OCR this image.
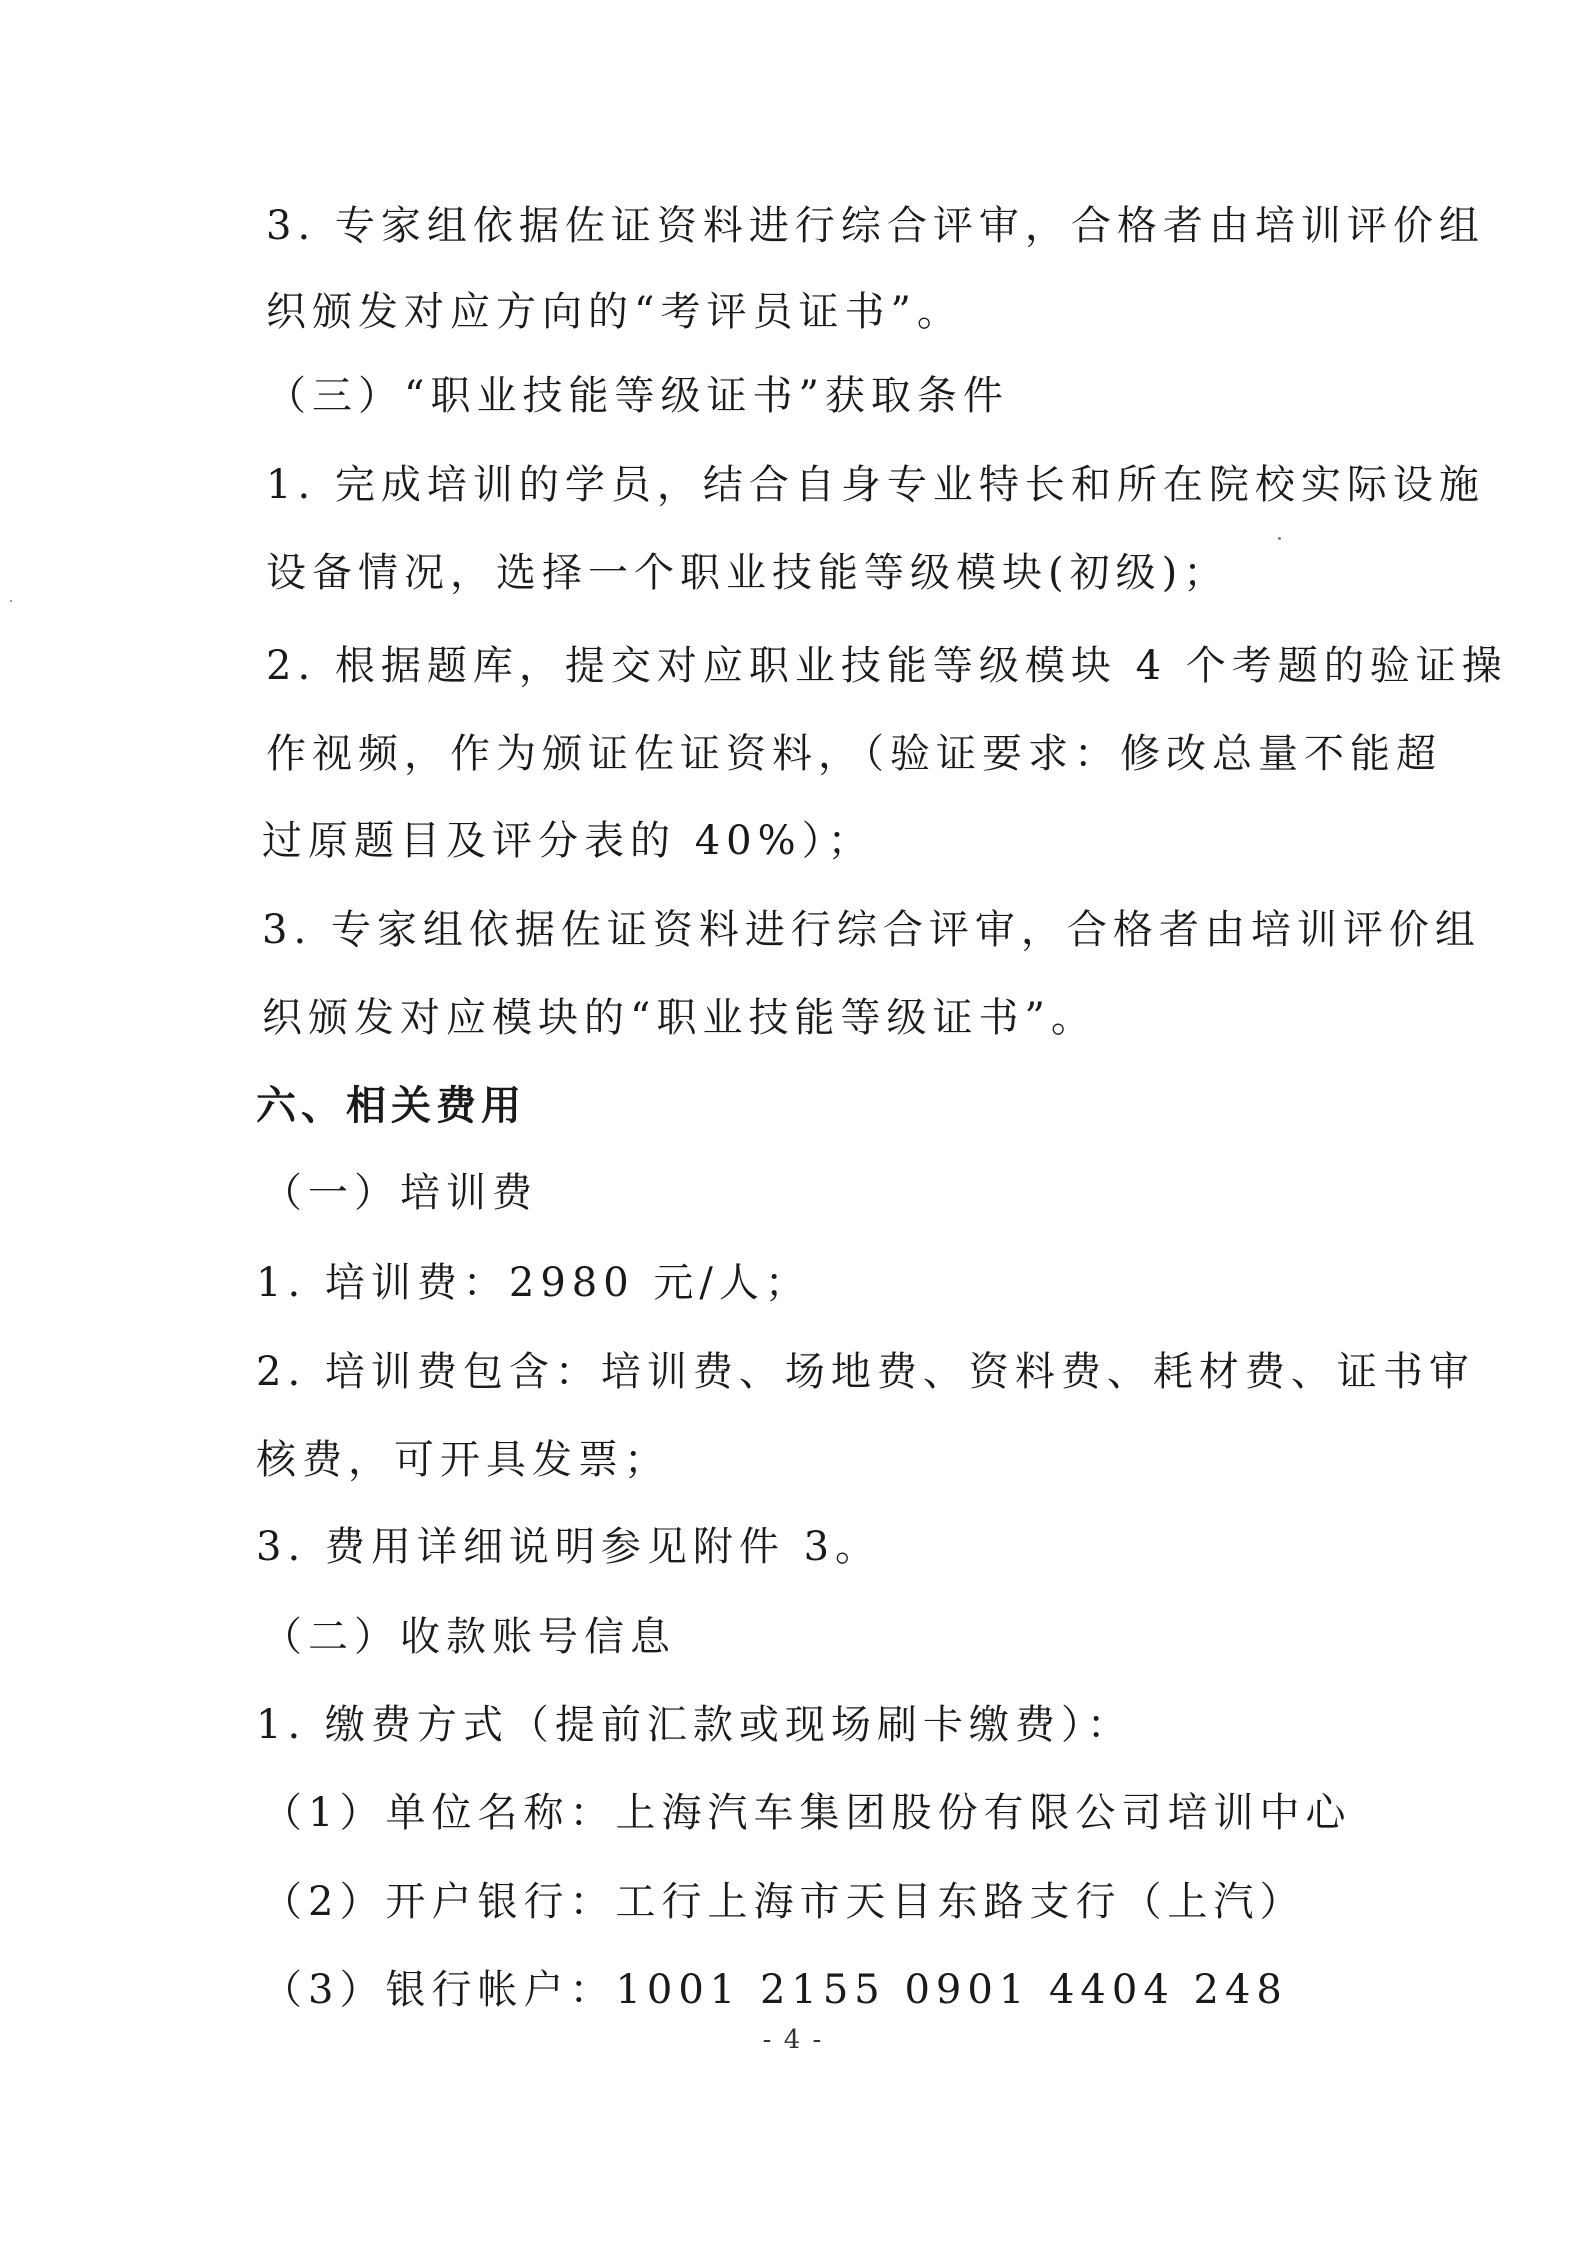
3. 专家组依据佐证资料进行综合评审，合格者由培训评价组

织颁发对应方向的“考评员证书”。

（三）“职业技能等级证书”获取条件

1. 完成培训的学员，结合自身专业特长和所在院校实际设施

设备情况，选择一个职业技能等级模块(初级)；

2. 根据题库，提交对应职业技能等级模块 4 个考题的验证操

作视频，作为颁证佐证资料，（验证要求：修改总量不能超

过原题目及评分表的 40%）；

3. 专家组依据佐证资料进行综合评审，合格者由培训评价组

织颁发对应模块的“职业技能等级证书”。

六、相关费用

（一）培训费

1. 培训费：2980 元/人；

2. 培训费包含：培训费、场地费、资料费、耗材费、证书审

核费，可开具发票；

3. 费用详细说明参见附件 3。

（二）收款账号信息

1. 缴费方式（提前汇款或现场刷卡缴费）：

（1）单位名称：上海汽车集团股份有限公司培训中心

（2）开户银行：工行上海市天目东路支行（上汽）

（3）银行帐户：1001 2155 0901 4404 248

- 4 -
